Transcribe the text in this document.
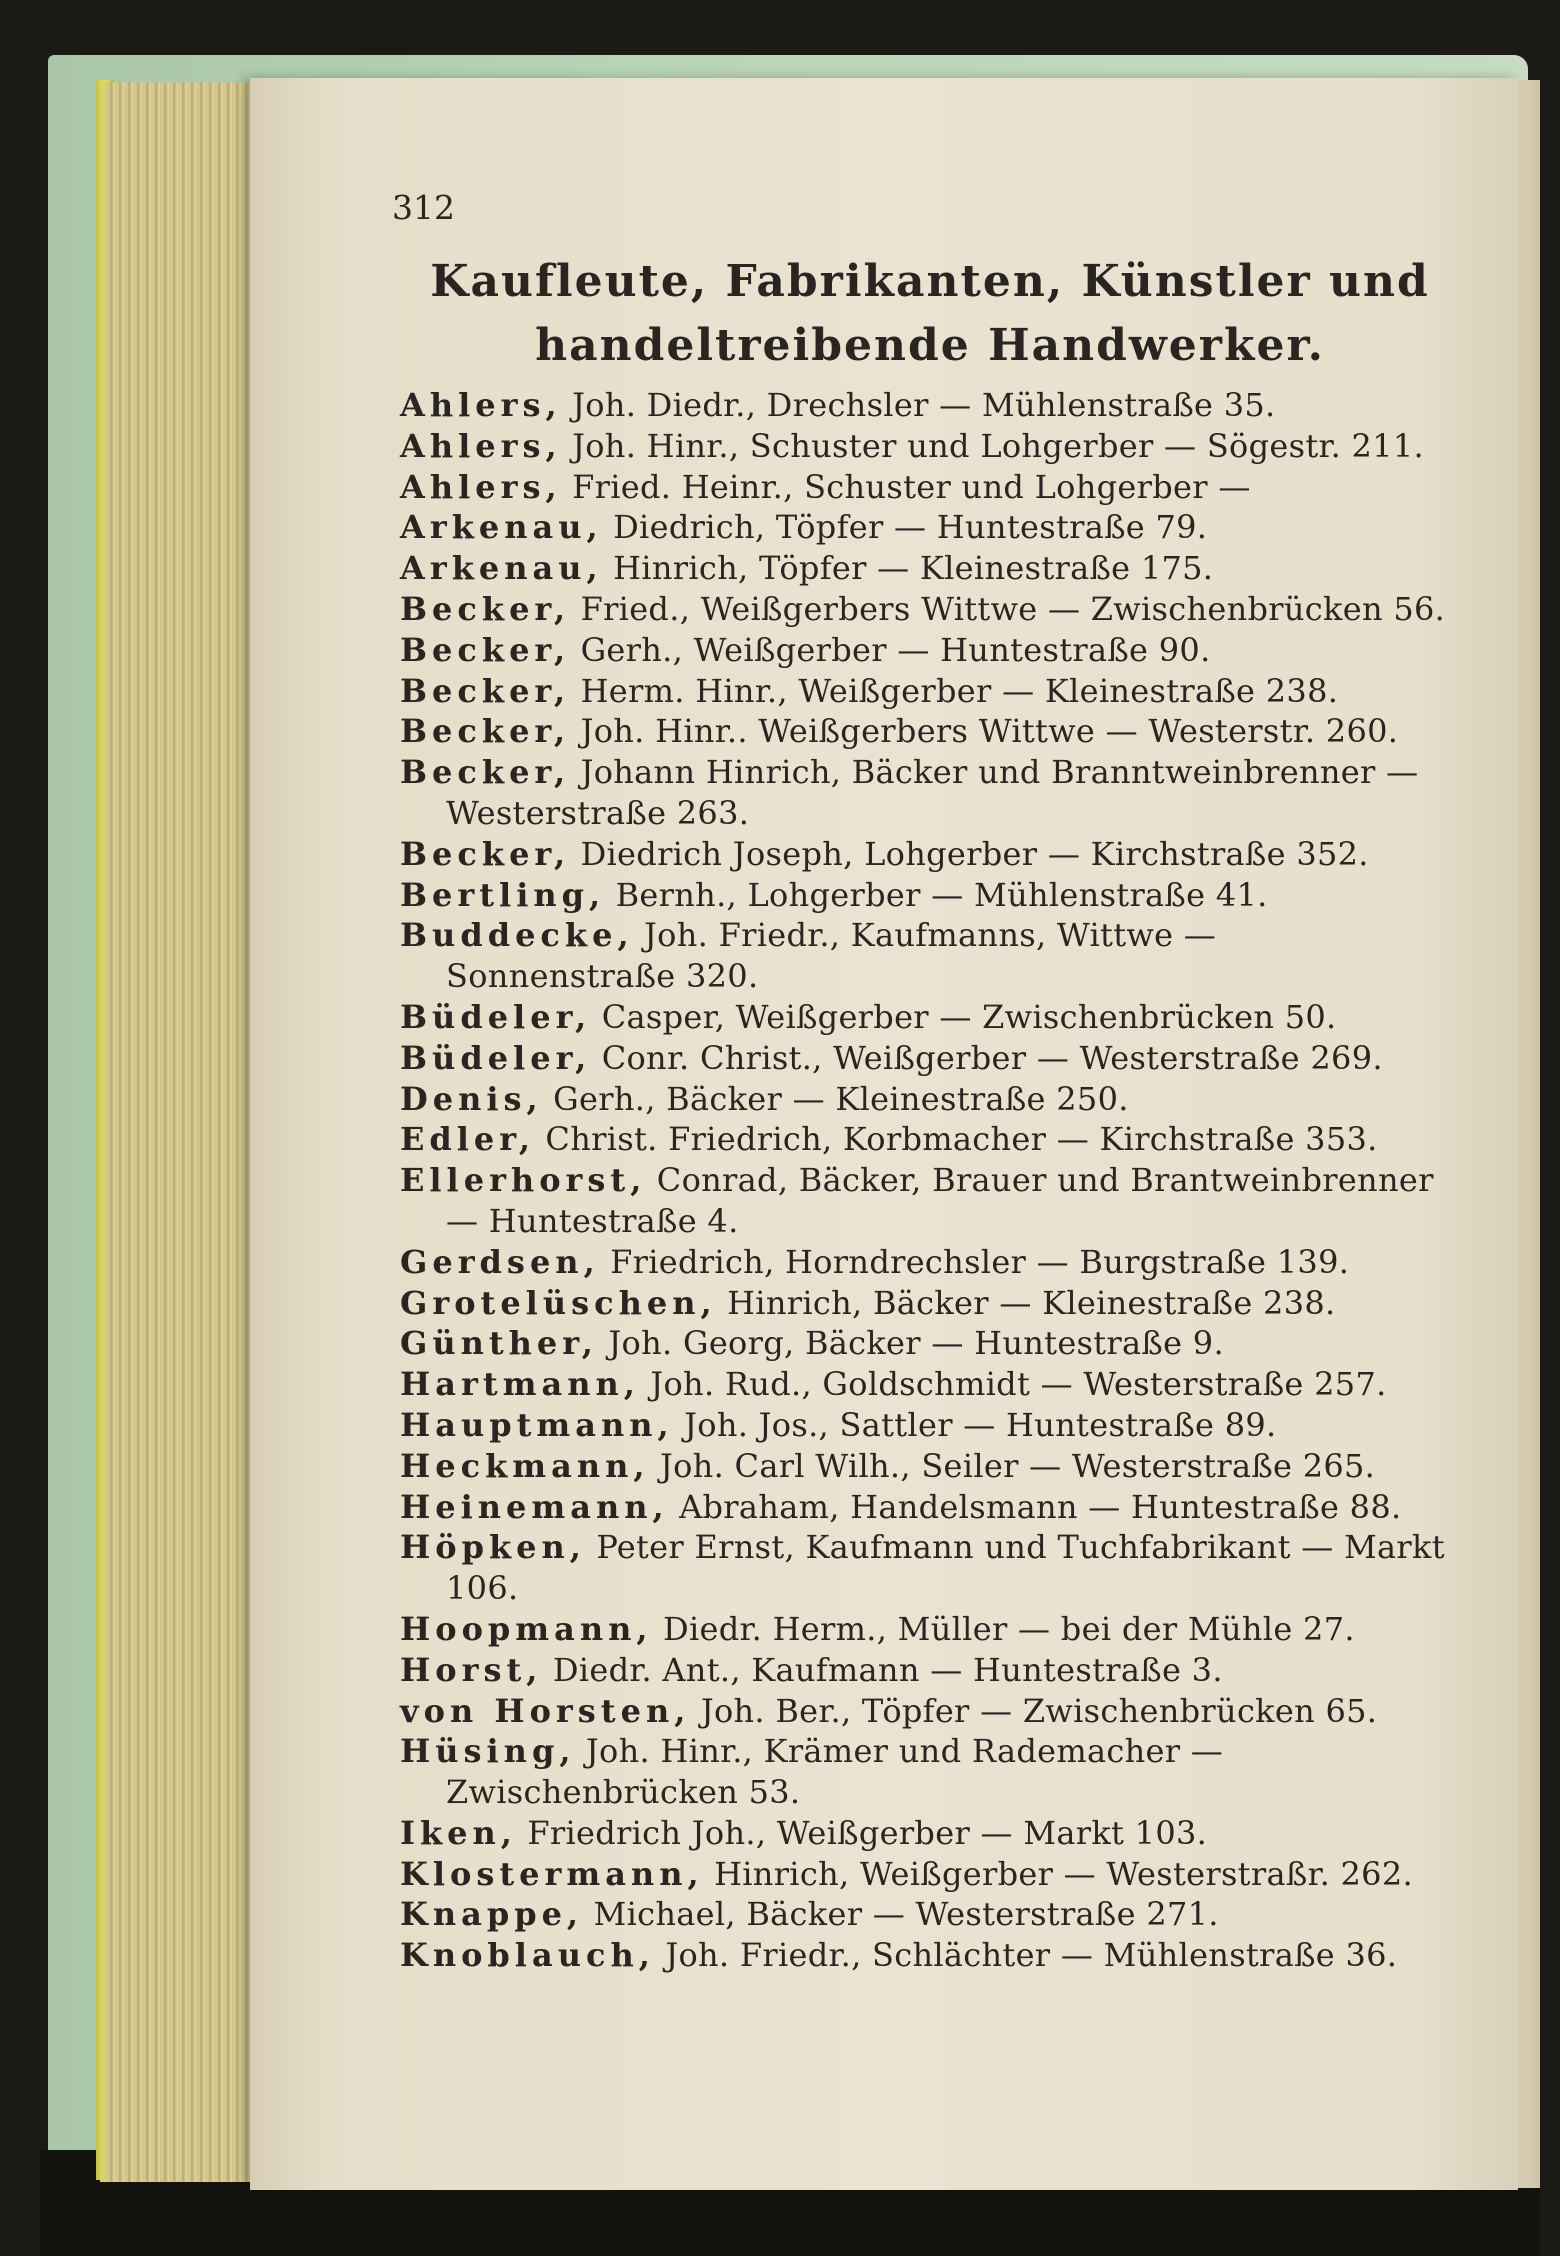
312
Kaufleute, Fabrikanten, Künstler und
handeltreibende Handwerker.
Ahlers, Joh. Diedr., Drechsler — Mühlenstraße 35.
Ahlers, Joh. Hinr., Schuster und Lohgerber — Sögestr. 211.
Ahlers, Fried. Heinr., Schuster und Lohgerber —
Arkenau, Diedrich, Töpfer — Huntestraße 79.
Arkenau, Hinrich, Töpfer — Kleinestraße 175.
Becker, Fried., Weißgerbers Wittwe — Zwischenbrücken 56.
Becker, Gerh., Weißgerber — Huntestraße 90.
Becker, Herm. Hinr., Weißgerber — Kleinestraße 238.
Becker, Joh. Hinr.. Weißgerbers Wittwe — Westerstr. 260.
Becker, Johann Hinrich, Bäcker und Branntweinbrenner — Westerstraße 263.
Becker, Diedrich Joseph, Lohgerber — Kirchstraße 352.
Bertling, Bernh., Lohgerber — Mühlenstraße 41.
Buddecke, Joh. Friedr., Kaufmanns, Wittwe — Sonnenstraße 320.
Büdeler, Casper, Weißgerber — Zwischenbrücken 50.
Büdeler, Conr. Christ., Weißgerber — Westerstraße 269.
Denis, Gerh., Bäcker — Kleinestraße 250.
Edler, Christ. Friedrich, Korbmacher — Kirchstraße 353.
Ellerhorst, Conrad, Bäcker, Brauer und Brantweinbrenner — Huntestraße 4.
Gerdsen, Friedrich, Horndrechsler — Burgstraße 139.
Grotelüschen, Hinrich, Bäcker — Kleinestraße 238.
Günther, Joh. Georg, Bäcker — Huntestraße 9.
Hartmann, Joh. Rud., Goldschmidt — Westerstraße 257.
Hauptmann, Joh. Jos., Sattler — Huntestraße 89.
Heckmann, Joh. Carl Wilh., Seiler — Westerstraße 265.
Heinemann, Abraham, Handelsmann — Huntestraße 88.
Höpken, Peter Ernst, Kaufmann und Tuchfabrikant — Markt 106.
Hoopmann, Diedr. Herm., Müller — bei der Mühle 27.
Horst, Diedr. Ant., Kaufmann — Huntestraße 3.
von Horsten, Joh. Ber., Töpfer — Zwischenbrücken 65.
Hüsing, Joh. Hinr., Krämer und Rademacher — Zwischenbrücken 53.
Iken, Friedrich Joh., Weißgerber — Markt 103.
Klostermann, Hinrich, Weißgerber — Westerstraßr. 262.
Knappe, Michael, Bäcker — Westerstraße 271.
Knoblauch, Joh. Friedr., Schlächter — Mühlenstraße 36.
